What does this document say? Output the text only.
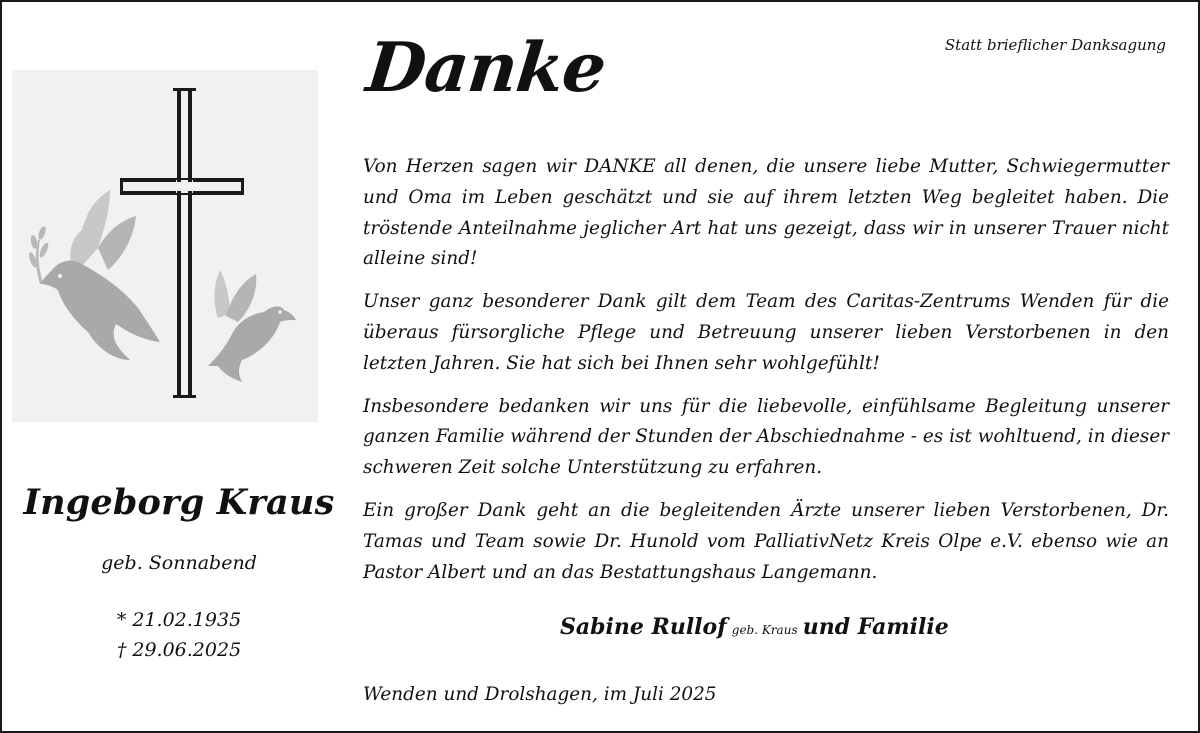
Ingeborg Kraus
geb. Sonnabend
* 21.02.1935
† 29.06.2025
Danke	Statt brieflicher Danksagung

Von Herzen sagen wir DANKE all denen, die unsere liebe Mutter, Schwiegermutter und Oma im Leben geschätzt und sie auf ihrem letzten Weg begleitet haben. Die tröstende Anteilnahme jeglicher Art hat uns gezeigt, dass wir in unserer Trauer nicht alleine sind!

Unser ganz besonderer Dank gilt dem Team des Caritas-Zentrums Wenden für die überaus fürsorgliche Pflege und Betreuung unserer lieben Verstorbenen in den letzten Jahren. Sie hat sich bei Ihnen sehr wohlgefühlt!

Insbesondere bedanken wir uns für die liebevolle, einfühlsame Begleitung unserer ganzen Familie während der Stunden der Abschiednahme - es ist wohltuend, in dieser schweren Zeit solche Unterstützung zu erfahren.

Ein großer Dank geht an die begleitenden Ärzte unserer lieben Verstorbenen, Dr. Tamas und Team sowie Dr. Hunold vom PalliativNetz Kreis Olpe e.V. ebenso wie an Pastor Albert und an das Bestattungshaus Langemann.

Sabine Rullof geb. Kraus und Familie
Wenden und Drolshagen, im Juli 2025
